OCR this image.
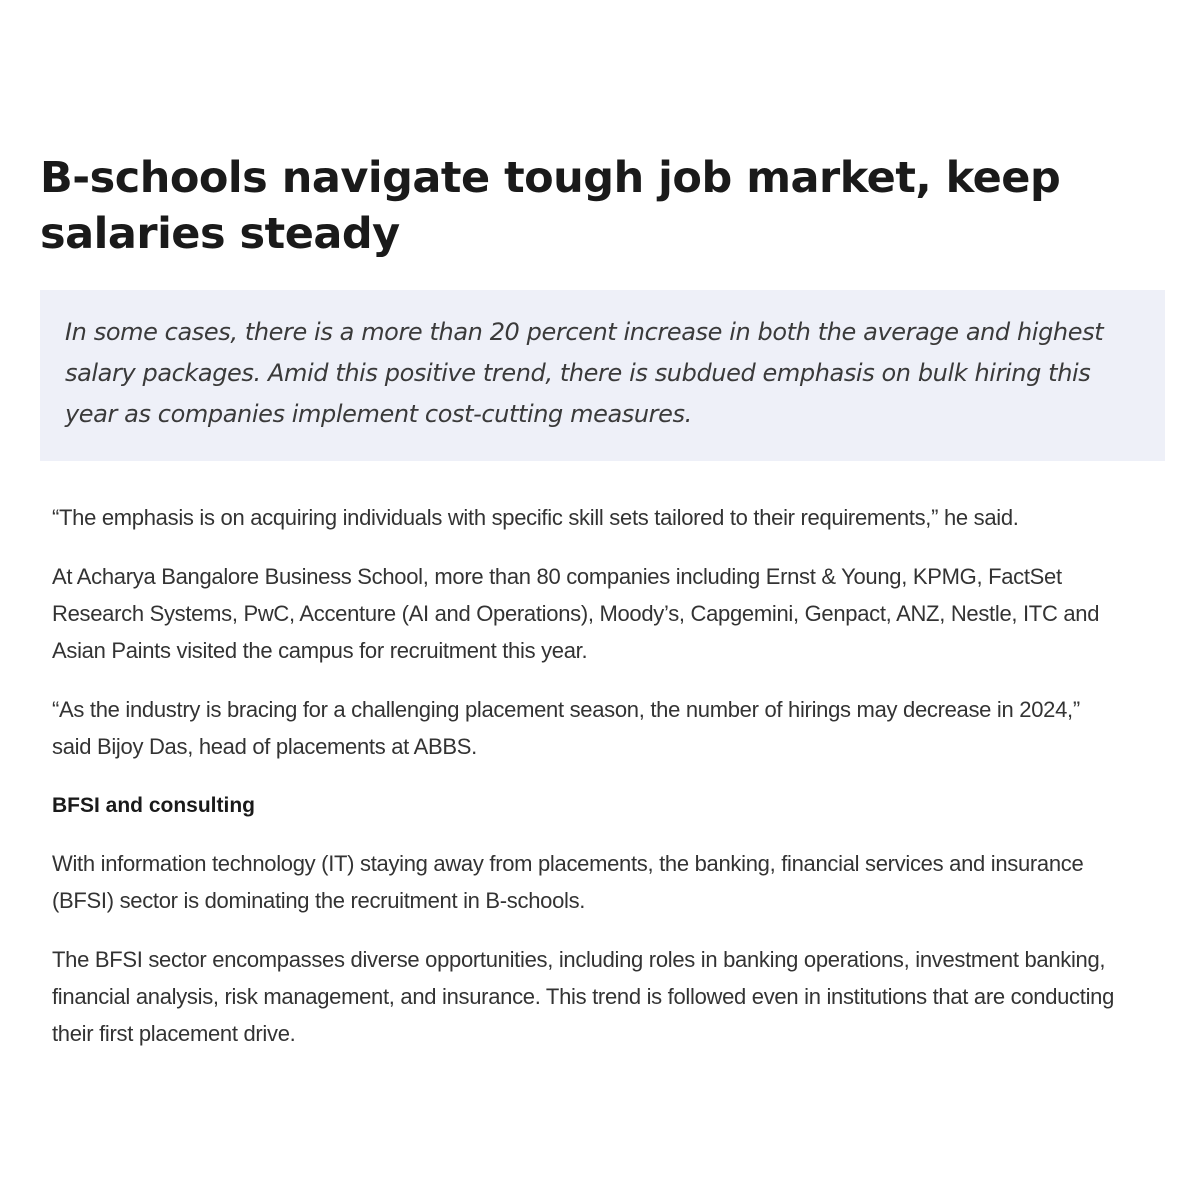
B-schools navigate tough job market, keep salaries steady

In some cases, there is a more than 20 percent increase in both the average and highest salary packages. Amid this positive trend, there is subdued emphasis on bulk hiring this year as companies implement cost-cutting measures.

“The emphasis is on acquiring individuals with specific skill sets tailored to their requirements,” he said.

At Acharya Bangalore Business School, more than 80 companies including Ernst & Young, KPMG, FactSet Research Systems, PwC, Accenture (AI and Operations), Moody’s, Capgemini, Genpact, ANZ, Nestle, ITC and Asian Paints visited the campus for recruitment this year.

“As the industry is bracing for a challenging placement season, the number of hirings may decrease in 2024,” said Bijoy Das, head of placements at ABBS.

BFSI and consulting

With information technology (IT) staying away from placements, the banking, financial services and insurance (BFSI) sector is dominating the recruitment in B-schools.

The BFSI sector encompasses diverse opportunities, including roles in banking operations, investment banking, financial analysis, risk management, and insurance. This trend is followed even in institutions that are conducting their first placement drive.
